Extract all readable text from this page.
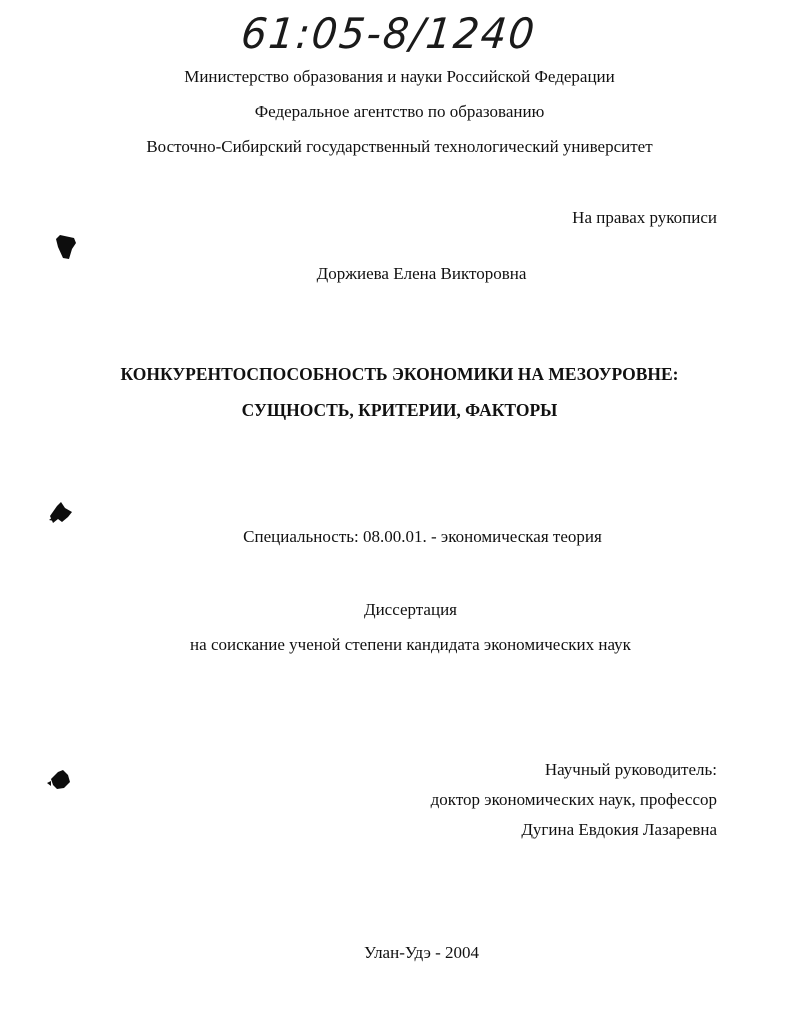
61:05-8/1240
Министерство образования и науки Российской Федерации
Федеральное агентство по образованию
Восточно-Сибирский государственный технологический университет
На правах рукописи
Доржиева Елена Викторовна
КОНКУРЕНТОСПОСОБНОСТЬ ЭКОНОМИКИ НА МЕЗОУРОВНЕ:
СУЩНОСТЬ, КРИТЕРИИ, ФАКТОРЫ
Специальность: 08.00.01. - экономическая теория
Диссертация
на соискание ученой степени кандидата экономических наук
Научный руководитель:
доктор экономических наук, профессор
Дугина Евдокия Лазаревна
Улан-Удэ - 2004
